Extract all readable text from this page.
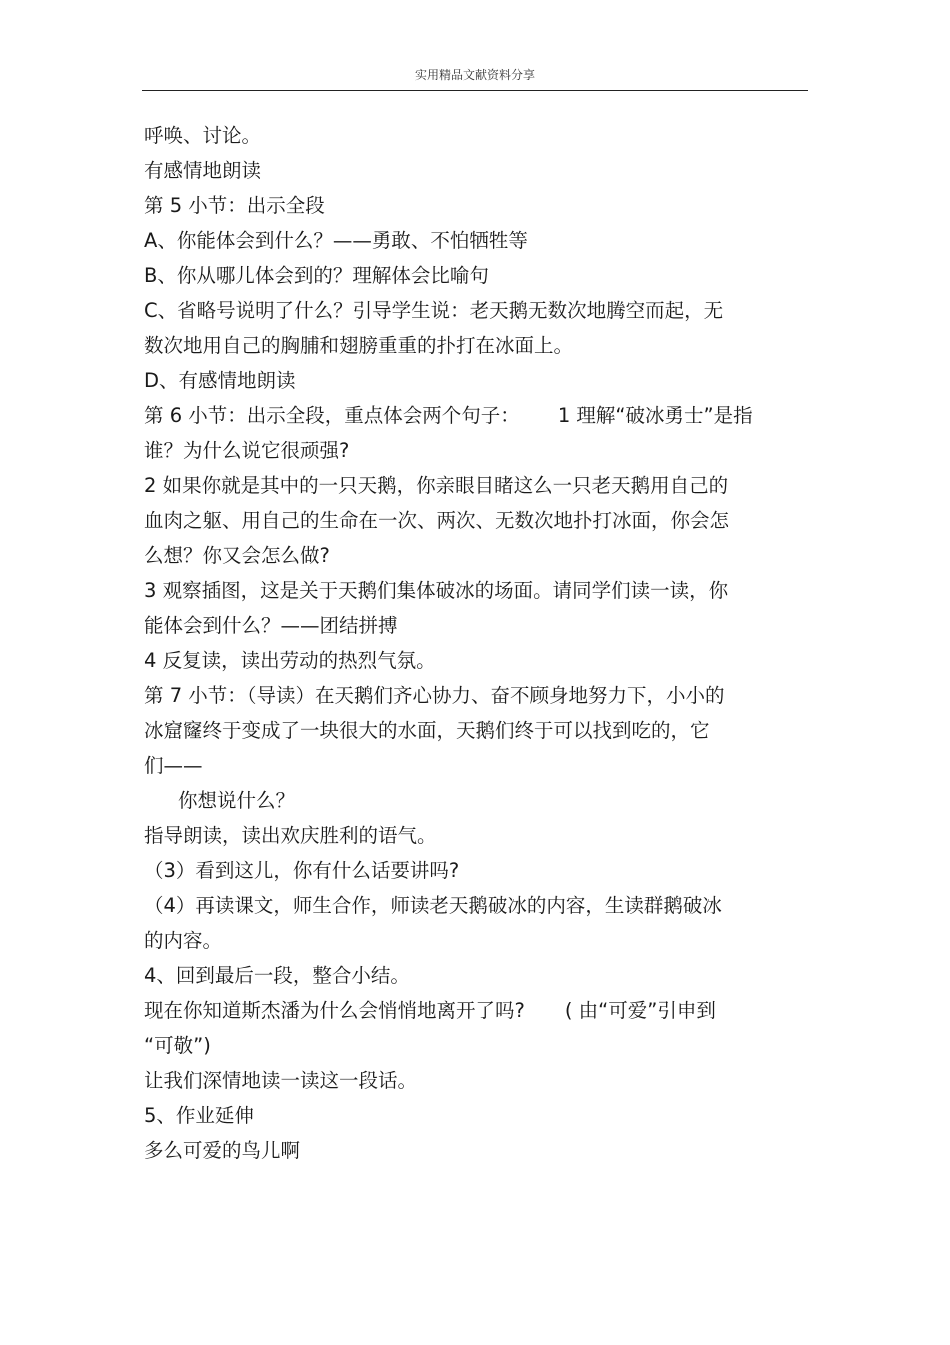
实用精品文献资料分享
呼唤、讨论。
有感情地朗读
第 5 小节：出示全段
A、你能体会到什么？——勇敢、不怕牺牲等
B、你从哪儿体会到的？理解体会比喻句
C、省略号说明了什么？引导学生说：老天鹅无数次地腾空而起，无
数次地用自己的胸脯和翅膀重重的扑打在冰面上。
D、有感情地朗读
第 6 小节：出示全段，重点体会两个句子： 1 理解“破冰勇士”是指
谁？为什么说它很顽强?
2 如果你就是其中的一只天鹅，你亲眼目睹这么一只老天鹅用自己的
血肉之躯、用自己的生命在一次、两次、无数次地扑打冰面，你会怎
么想？你又会怎么做?
3 观察插图，这是关于天鹅们集体破冰的场面。请同学们读一读，你
能体会到什么？——团结拼搏
4 反复读，读出劳动的热烈气氛。
第 7 小节：（导读）在天鹅们齐心协力、奋不顾身地努力下，小小的
冰窟窿终于变成了一块很大的水面，天鹅们终于可以找到吃的，它
们——
你想说什么？
指导朗读，读出欢庆胜利的语气。
（3）看到这儿，你有什么话要讲吗?
（4）再读课文，师生合作，师读老天鹅破冰的内容，生读群鹅破冰
的内容。
4、回到最后一段，整合小结。
现在你知道斯杰潘为什么会悄悄地离开了吗? ( 由“可爱”引申到
“可敬”)
让我们深情地读一读这一段话。
5、作业延伸
多么可爱的鸟儿啊
